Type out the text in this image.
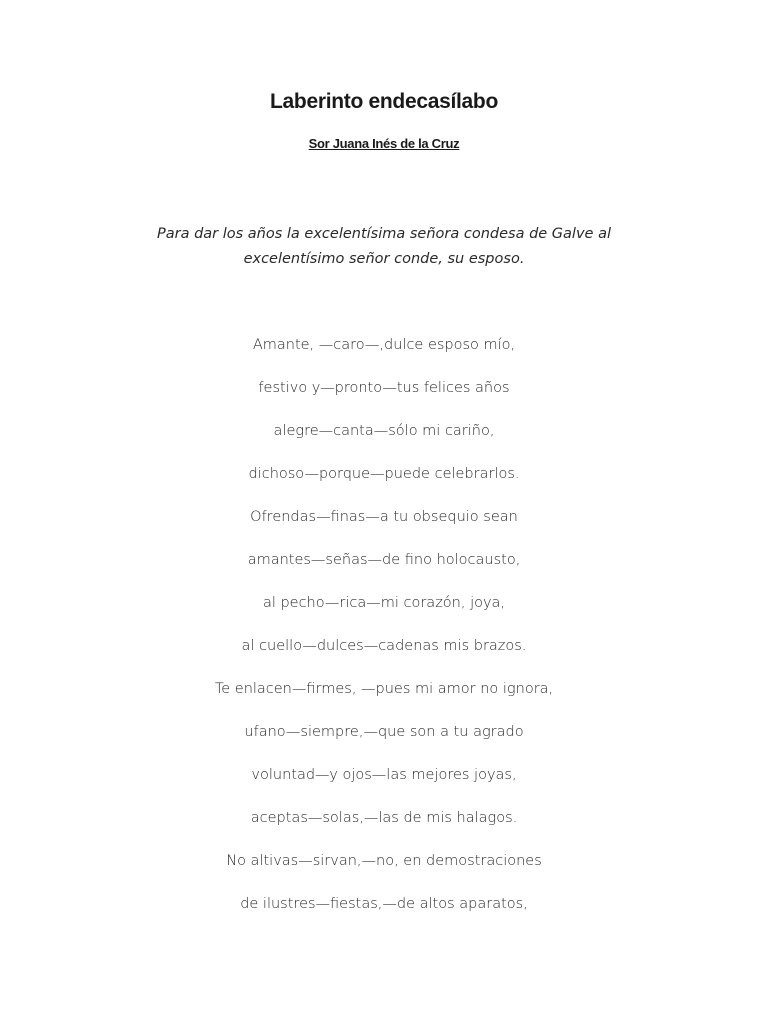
Laberinto endecasílabo
Sor Juana Inés de la Cruz
Para dar los años la excelentísima señora condesa de Galve al excelentísimo señor conde, su esposo.
Amante, —caro—,dulce esposo mío,
festivo y—pronto—tus felices años
alegre—canta—sólo mi cariño,
dichoso—porque—puede celebrarlos.
Ofrendas—finas—a tu obsequio sean
amantes—señas—de fino holocausto,
al pecho—rica—mi corazón, joya,
al cuello—dulces—cadenas mis brazos.
Te enlacen—firmes, —pues mi amor no ignora,
ufano—siempre,—que son a tu agrado
voluntad—y ojos—las mejores joyas,
aceptas—solas,—las de mis halagos.
No altivas—sirvan,—no, en demostraciones
de ilustres—fiestas,—de altos aparatos,
